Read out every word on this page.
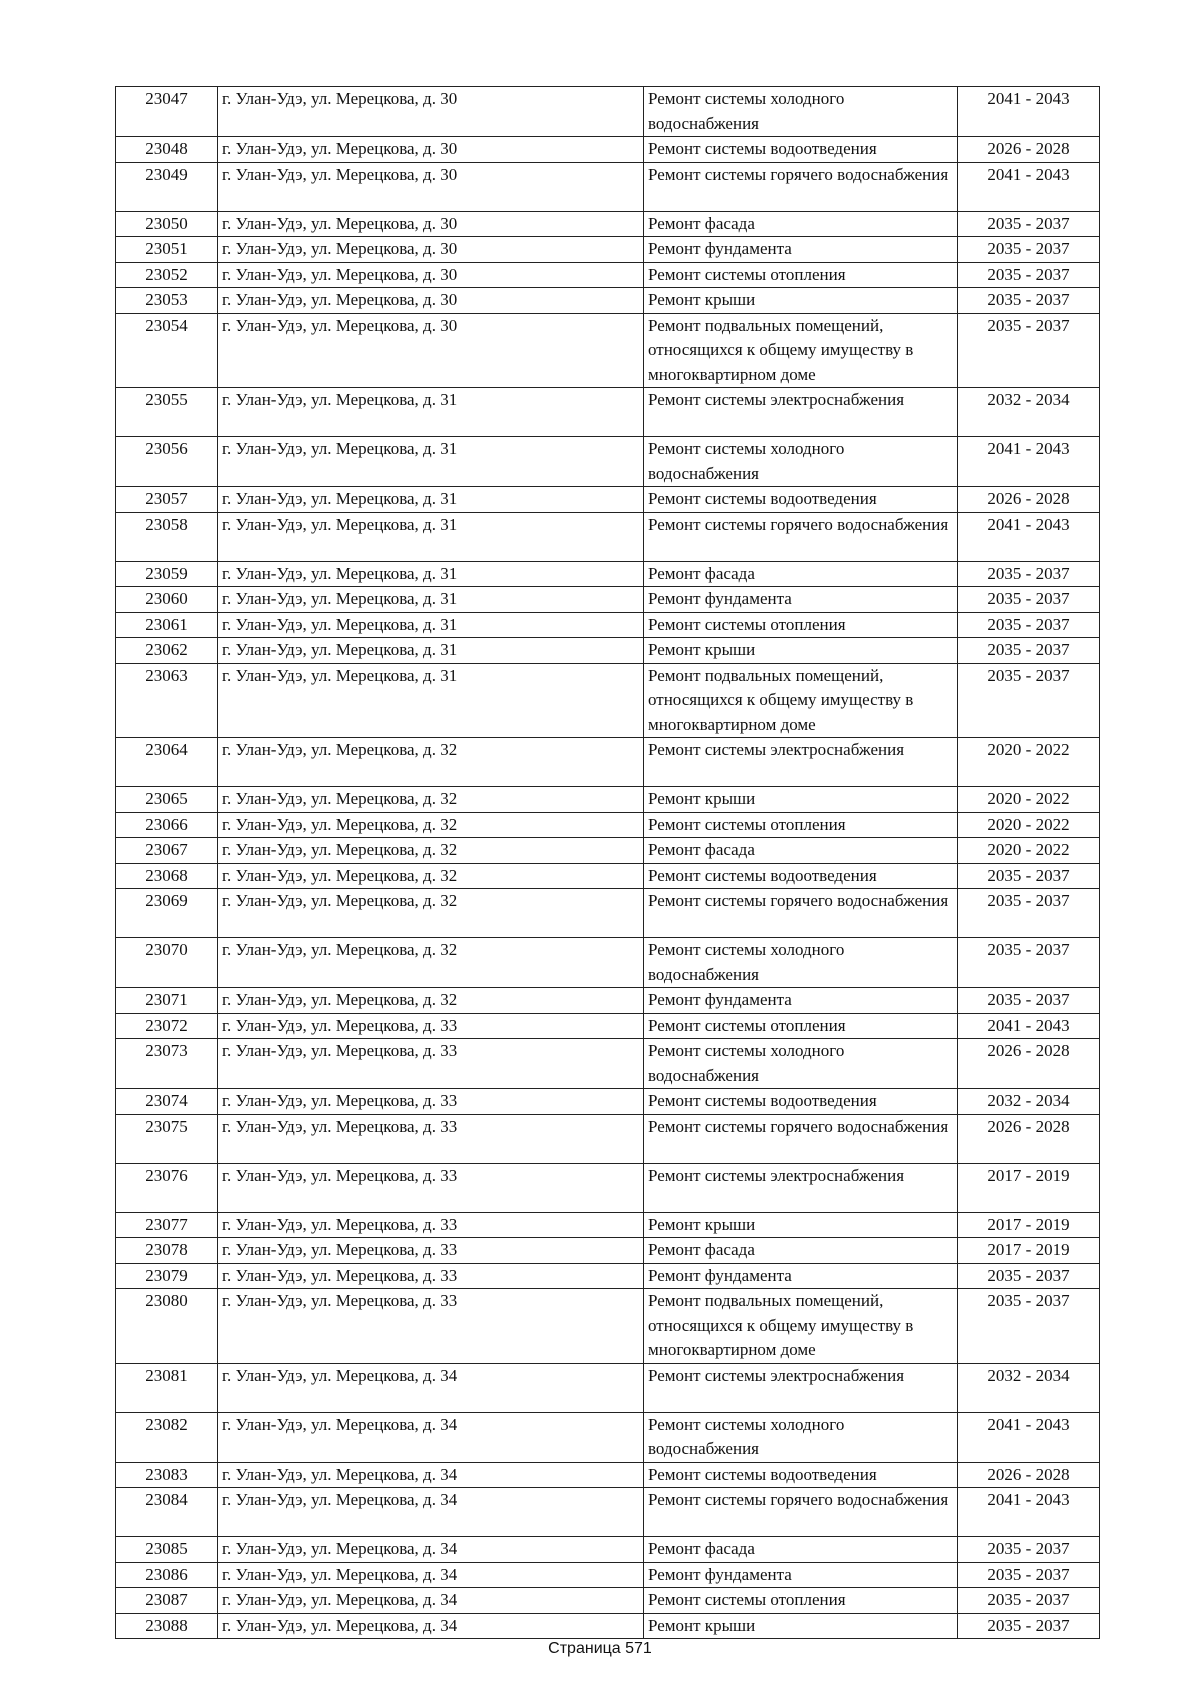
23047	г. Улан-Удэ, ул. Мерецкова, д. 30	Ремонт системы холодного водоснабжения	2041 - 2043
23048	г. Улан-Удэ, ул. Мерецкова, д. 30	Ремонт системы водоотведения	2026 - 2028
23049	г. Улан-Удэ, ул. Мерецкова, д. 30	Ремонт системы горячего водоснабжения	2041 - 2043
23050	г. Улан-Удэ, ул. Мерецкова, д. 30	Ремонт фасада	2035 - 2037
23051	г. Улан-Удэ, ул. Мерецкова, д. 30	Ремонт фундамента	2035 - 2037
23052	г. Улан-Удэ, ул. Мерецкова, д. 30	Ремонт системы отопления	2035 - 2037
23053	г. Улан-Удэ, ул. Мерецкова, д. 30	Ремонт крыши	2035 - 2037
23054	г. Улан-Удэ, ул. Мерецкова, д. 30	Ремонт подвальных помещений, относящихся к общему имуществу в многоквартирном доме	2035 - 2037
23055	г. Улан-Удэ, ул. Мерецкова, д. 31	Ремонт системы электроснабжения	2032 - 2034
23056	г. Улан-Удэ, ул. Мерецкова, д. 31	Ремонт системы холодного водоснабжения	2041 - 2043
23057	г. Улан-Удэ, ул. Мерецкова, д. 31	Ремонт системы водоотведения	2026 - 2028
23058	г. Улан-Удэ, ул. Мерецкова, д. 31	Ремонт системы горячего водоснабжения	2041 - 2043
23059	г. Улан-Удэ, ул. Мерецкова, д. 31	Ремонт фасада	2035 - 2037
23060	г. Улан-Удэ, ул. Мерецкова, д. 31	Ремонт фундамента	2035 - 2037
23061	г. Улан-Удэ, ул. Мерецкова, д. 31	Ремонт системы отопления	2035 - 2037
23062	г. Улан-Удэ, ул. Мерецкова, д. 31	Ремонт крыши	2035 - 2037
23063	г. Улан-Удэ, ул. Мерецкова, д. 31	Ремонт подвальных помещений, относящихся к общему имуществу в многоквартирном доме	2035 - 2037
23064	г. Улан-Удэ, ул. Мерецкова, д. 32	Ремонт системы электроснабжения	2020 - 2022
23065	г. Улан-Удэ, ул. Мерецкова, д. 32	Ремонт крыши	2020 - 2022
23066	г. Улан-Удэ, ул. Мерецкова, д. 32	Ремонт системы отопления	2020 - 2022
23067	г. Улан-Удэ, ул. Мерецкова, д. 32	Ремонт фасада	2020 - 2022
23068	г. Улан-Удэ, ул. Мерецкова, д. 32	Ремонт системы водоотведения	2035 - 2037
23069	г. Улан-Удэ, ул. Мерецкова, д. 32	Ремонт системы горячего водоснабжения	2035 - 2037
23070	г. Улан-Удэ, ул. Мерецкова, д. 32	Ремонт системы холодного водоснабжения	2035 - 2037
23071	г. Улан-Удэ, ул. Мерецкова, д. 32	Ремонт фундамента	2035 - 2037
23072	г. Улан-Удэ, ул. Мерецкова, д. 33	Ремонт системы отопления	2041 - 2043
23073	г. Улан-Удэ, ул. Мерецкова, д. 33	Ремонт системы холодного водоснабжения	2026 - 2028
23074	г. Улан-Удэ, ул. Мерецкова, д. 33	Ремонт системы водоотведения	2032 - 2034
23075	г. Улан-Удэ, ул. Мерецкова, д. 33	Ремонт системы горячего водоснабжения	2026 - 2028
23076	г. Улан-Удэ, ул. Мерецкова, д. 33	Ремонт системы электроснабжения	2017 - 2019
23077	г. Улан-Удэ, ул. Мерецкова, д. 33	Ремонт крыши	2017 - 2019
23078	г. Улан-Удэ, ул. Мерецкова, д. 33	Ремонт фасада	2017 - 2019
23079	г. Улан-Удэ, ул. Мерецкова, д. 33	Ремонт фундамента	2035 - 2037
23080	г. Улан-Удэ, ул. Мерецкова, д. 33	Ремонт подвальных помещений, относящихся к общему имуществу в многоквартирном доме	2035 - 2037
23081	г. Улан-Удэ, ул. Мерецкова, д. 34	Ремонт системы электроснабжения	2032 - 2034
23082	г. Улан-Удэ, ул. Мерецкова, д. 34	Ремонт системы холодного водоснабжения	2041 - 2043
23083	г. Улан-Удэ, ул. Мерецкова, д. 34	Ремонт системы водоотведения	2026 - 2028
23084	г. Улан-Удэ, ул. Мерецкова, д. 34	Ремонт системы горячего водоснабжения	2041 - 2043
23085	г. Улан-Удэ, ул. Мерецкова, д. 34	Ремонт фасада	2035 - 2037
23086	г. Улан-Удэ, ул. Мерецкова, д. 34	Ремонт фундамента	2035 - 2037
23087	г. Улан-Удэ, ул. Мерецкова, д. 34	Ремонт системы отопления	2035 - 2037
23088	г. Улан-Удэ, ул. Мерецкова, д. 34	Ремонт крыши	2035 - 2037
Страница 571
